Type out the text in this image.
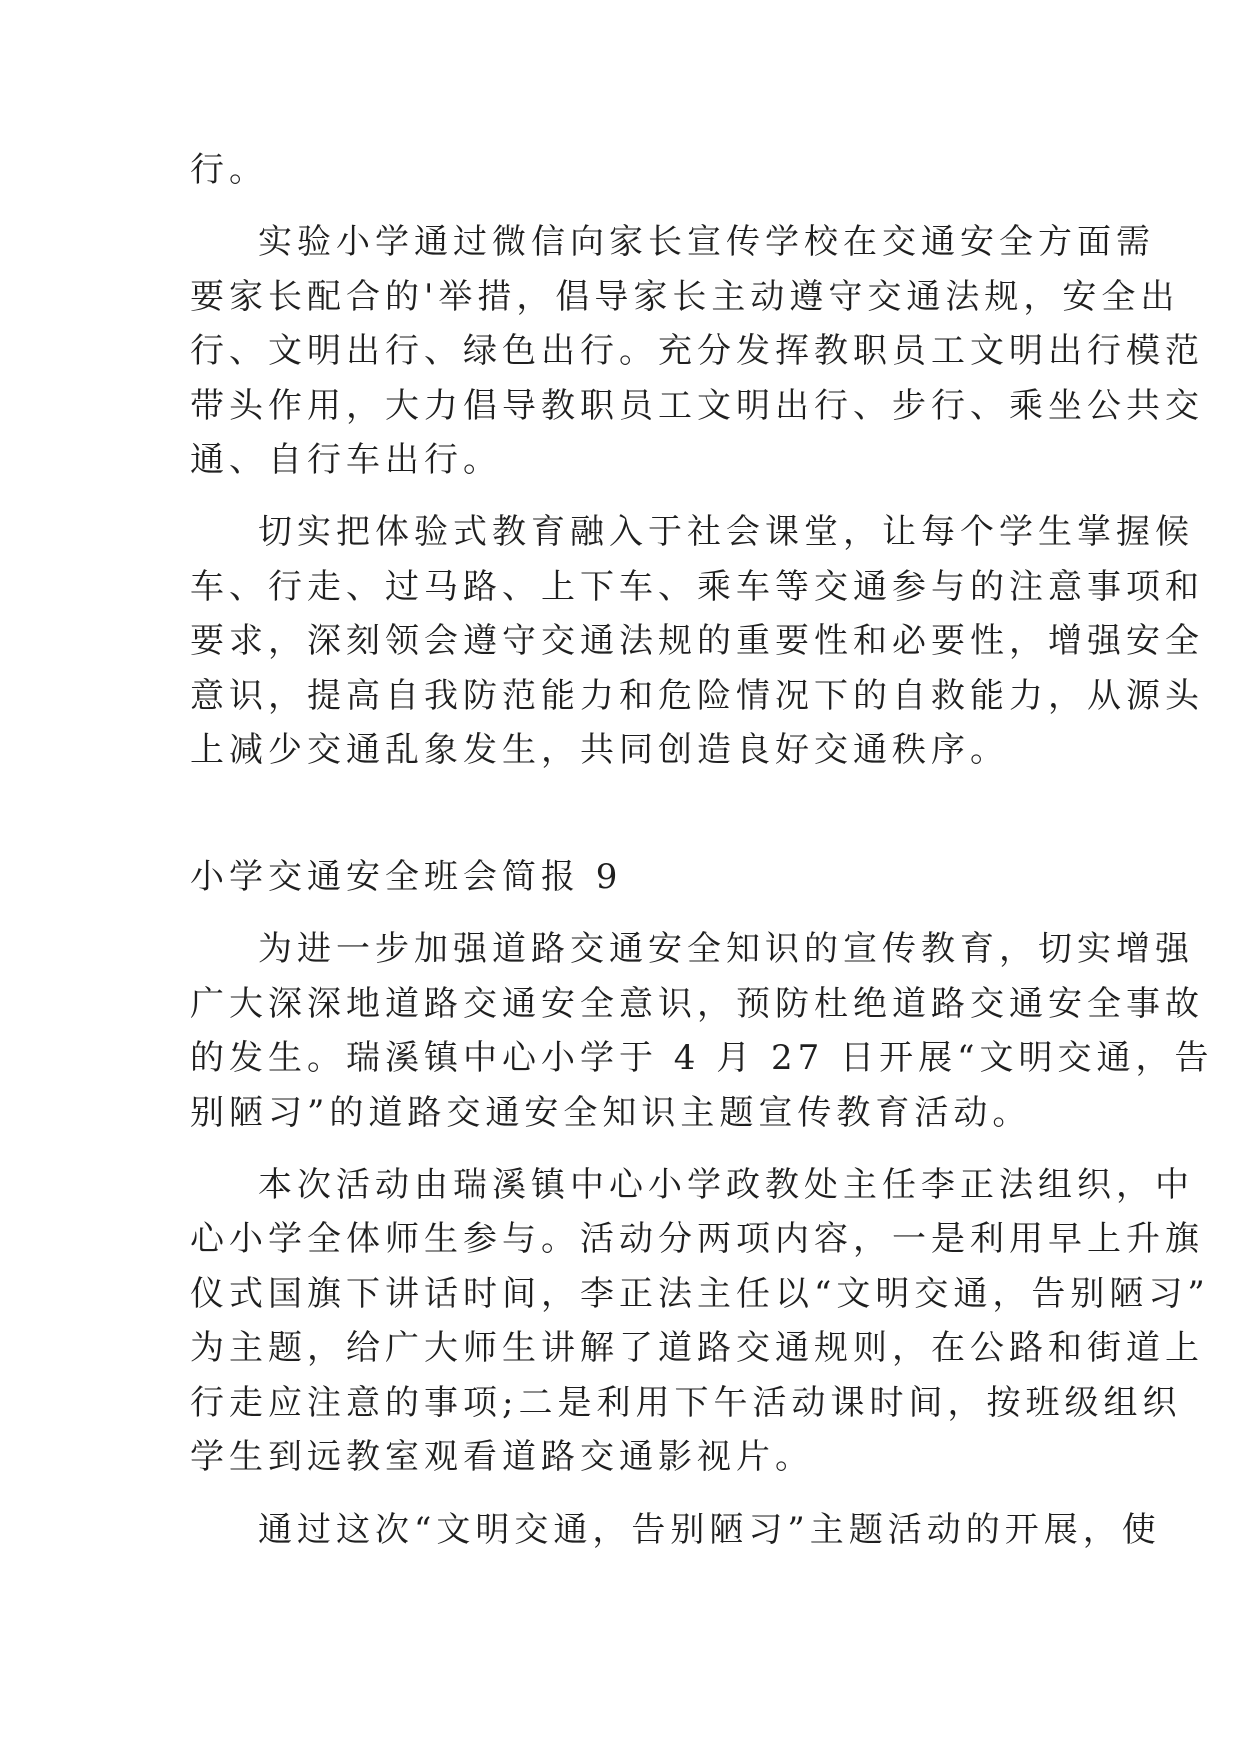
行。

实验小学通过微信向家长宣传学校在交通安全方面需

要家长配合的'举措，倡导家长主动遵守交通法规，安全出

行、文明出行、绿色出行。充分发挥教职员工文明出行模范

带头作用，大力倡导教职员工文明出行、步行、乘坐公共交

通、自行车出行。

切实把体验式教育融入于社会课堂，让每个学生掌握候

车、行走、过马路、上下车、乘车等交通参与的注意事项和

要求，深刻领会遵守交通法规的重要性和必要性，增强安全

意识，提高自我防范能力和危险情况下的自救能力，从源头

上减少交通乱象发生，共同创造良好交通秩序。

小学交通安全班会简报 9

为进一步加强道路交通安全知识的宣传教育，切实增强

广大深深地道路交通安全意识，预防杜绝道路交通安全事故

的发生。瑞溪镇中心小学于 4 月 27 日开展“文明交通，告

别陋习”的道路交通安全知识主题宣传教育活动。

本次活动由瑞溪镇中心小学政教处主任李正法组织，中

心小学全体师生参与。活动分两项内容，一是利用早上升旗

仪式国旗下讲话时间，李正法主任以“文明交通，告别陋习”

为主题，给广大师生讲解了道路交通规则，在公路和街道上

行走应注意的事项;二是利用下午活动课时间，按班级组织

学生到远教室观看道路交通影视片。

通过这次“文明交通，告别陋习”主题活动的开展，使
